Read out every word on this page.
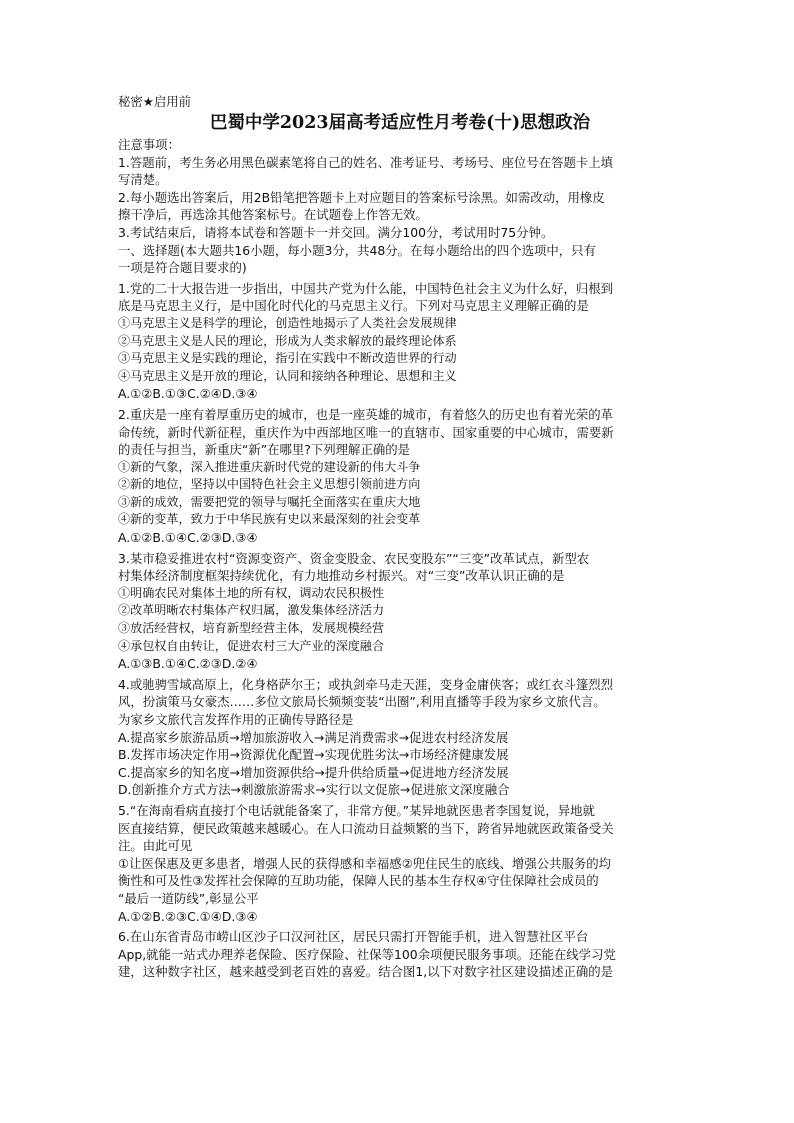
秘密★启用前
巴蜀中学2023届高考适应性月考卷(十)思想政治
注意事项：
1.答题前，考生务必用黑色碳素笔将自己的姓名、准考证号、考场号、座位号在答题卡上填
写清楚。
2.每小题选出答案后，用2B铅笔把答题卡上对应题目的答案标号涂黑。如需改动，用橡皮
擦干净后，再选涂其他答案标号。在试题卷上作答无效。
3.考试结束后，请将本试卷和答题卡一并交回。满分100分，考试用时75分钟。
一、选择题(本大题共16小题，每小题3分，共48分。在每小题给出的四个选项中，只有
一项是符合题目要求的)
1.党的二十大报告进一步指出，中国共产党为什么能，中国特色社会主义为什么好，归根到
底是马克思主义行，是中国化时代化的马克思主义行。下列对马克思主义理解正确的是
①马克思主义是科学的理论，创造性地揭示了人类社会发展规律
②马克思主义是人民的理论，形成为人类求解放的最终理论体系
③马克思主义是实践的理论，指引在实践中不断改造世界的行动
④马克思主义是开放的理论，认同和接纳各种理论、思想和主义
A.①②B.①③C.②④D.③④
2.重庆是一座有着厚重历史的城市，也是一座英雄的城市，有着悠久的历史也有着光荣的革
命传统，新时代新征程，重庆作为中西部地区唯一的直辖市、国家重要的中心城市，需要新
的责任与担当，新重庆“新”在哪里?下列理解正确的是
①新的气象，深入推进重庆新时代党的建设新的伟大斗争
②新的地位，坚持以中国特色社会主义思想引领前进方向
③新的成效，需要把党的领导与嘱托全面落实在重庆大地
④新的变革，致力于中华民族有史以来最深刻的社会变革
A.①②B.①④C.②③D.③④
3.某市稳妥推进农村“资源变资产、资金变股金、农民变股东”“三变”改革试点，新型农
村集体经济制度框架持续优化，有力地推动乡村振兴。对“三变”改革认识正确的是
①明确农民对集体土地的所有权，调动农民积极性
②改革明晰农村集体产权归属，激发集体经济活力
③放活经营权，培育新型经营主体，发展规模经营
④承包权自由转让，促进农村三大产业的深度融合
A.①③B.①④C.②③D.②④
4.或驰骋雪域高原上，化身格萨尔王；或执剑牵马走天涯，变身金庸侠客；或红衣斗篷烈烈
风，扮演策马女豪杰……多位文旅局长频频变装“出圈”,利用直播等手段为家乡文旅代言。
为家乡文旅代言发挥作用的正确传导路径是
A.提高家乡旅游品质→增加旅游收入→满足消费需求→促进农村经济发展
B.发挥市场决定作用→资源优化配置→实现优胜劣汰→市场经济健康发展
C.提高家乡的知名度→增加资源供给→提升供给质量→促进地方经济发展
D.创新推介方式方法→刺激旅游需求→实行以文促旅→促进旅文深度融合
5.“在海南看病直接打个电话就能备案了，非常方便。”某异地就医患者李国复说，异地就
医直接结算，便民政策越来越暖心。在人口流动日益频繁的当下，跨省异地就医政策备受关
注。由此可见
①让医保惠及更多患者，增强人民的获得感和幸福感②兜住民生的底线、增强公共服务的均
衡性和可及性③发挥社会保障的互助功能，保障人民的基本生存权④守住保障社会成员的
“最后一道防线”,彰显公平
A.①②B.②③C.①④D.③④
6.在山东省青岛市崂山区沙子口汉河社区，居民只需打开智能手机，进入智慧社区平台
App,就能一站式办理养老保险、医疗保险、社保等100余项便民服务事项。还能在线学习党
建，这种数字社区，越来越受到老百姓的喜爱。结合图1,以下对数字社区建设描述正确的是
